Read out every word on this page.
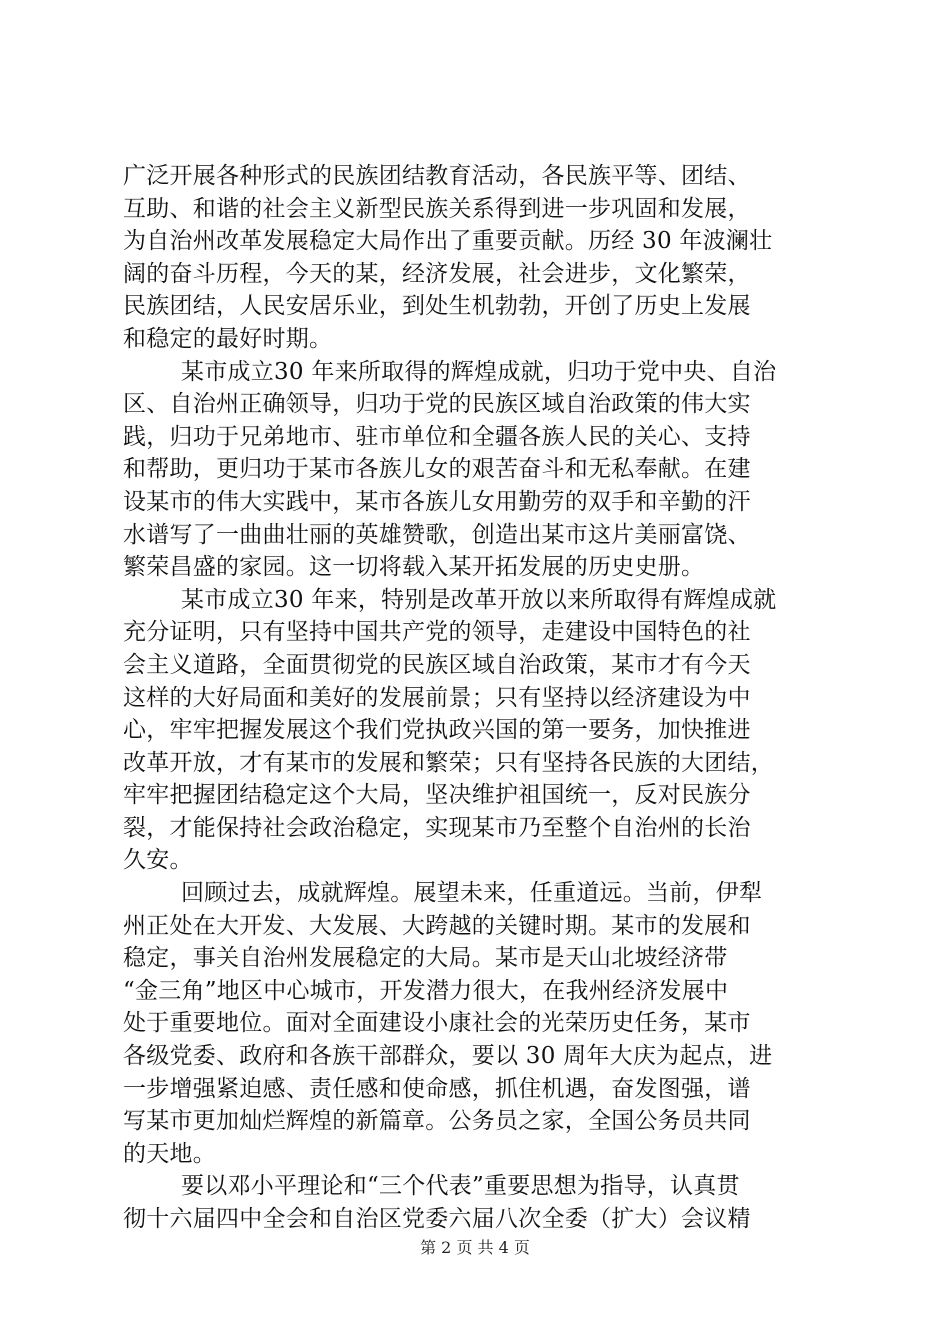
广泛开展各种形式的民族团结教育活动，各民族平等、团结、
互助、和谐的社会主义新型民族关系得到进一步巩固和发展，
为自治州改革发展稳定大局作出了重要贡献。历经 30 年波澜壮
阔的奋斗历程，今天的某，经济发展，社会进步，文化繁荣，
民族团结，人民安居乐业，到处生机勃勃，开创了历史上发展
和稳定的最好时期。
某市成立30 年来所取得的辉煌成就，归功于党中央、自治
区、自治州正确领导，归功于党的民族区域自治政策的伟大实
践，归功于兄弟地市、驻市单位和全疆各族人民的关心、支持
和帮助，更归功于某市各族儿女的艰苦奋斗和无私奉献。在建
设某市的伟大实践中，某市各族儿女用勤劳的双手和辛勤的汗
水谱写了一曲曲壮丽的英雄赞歌，创造出某市这片美丽富饶、
繁荣昌盛的家园。这一切将载入某开拓发展的历史史册。
某市成立30 年来，特别是改革开放以来所取得有辉煌成就
充分证明，只有坚持中国共产党的领导，走建设中国特色的社
会主义道路，全面贯彻党的民族区域自治政策，某市才有今天
这样的大好局面和美好的发展前景；只有坚持以经济建设为中
心，牢牢把握发展这个我们党执政兴国的第一要务，加快推进
改革开放，才有某市的发展和繁荣；只有坚持各民族的大团结，
牢牢把握团结稳定这个大局，坚决维护祖国统一，反对民族分
裂，才能保持社会政治稳定，实现某市乃至整个自治州的长治
久安。
回顾过去，成就辉煌。展望未来，任重道远。当前，伊犁
州正处在大开发、大发展、大跨越的关键时期。某市的发展和
稳定，事关自治州发展稳定的大局。某市是天山北坡经济带
“金三角”地区中心城市，开发潜力很大，在我州经济发展中
处于重要地位。面对全面建设小康社会的光荣历史任务，某市
各级党委、政府和各族干部群众，要以 30 周年大庆为起点，进
一步增强紧迫感、责任感和使命感，抓住机遇，奋发图强，谱
写某市更加灿烂辉煌的新篇章。公务员之家，全国公务员共同
的天地。
要以邓小平理论和“三个代表”重要思想为指导，认真贯
彻十六届四中全会和自治区党委六届八次全委（扩大）会议精
第 2 页 共 4 页
